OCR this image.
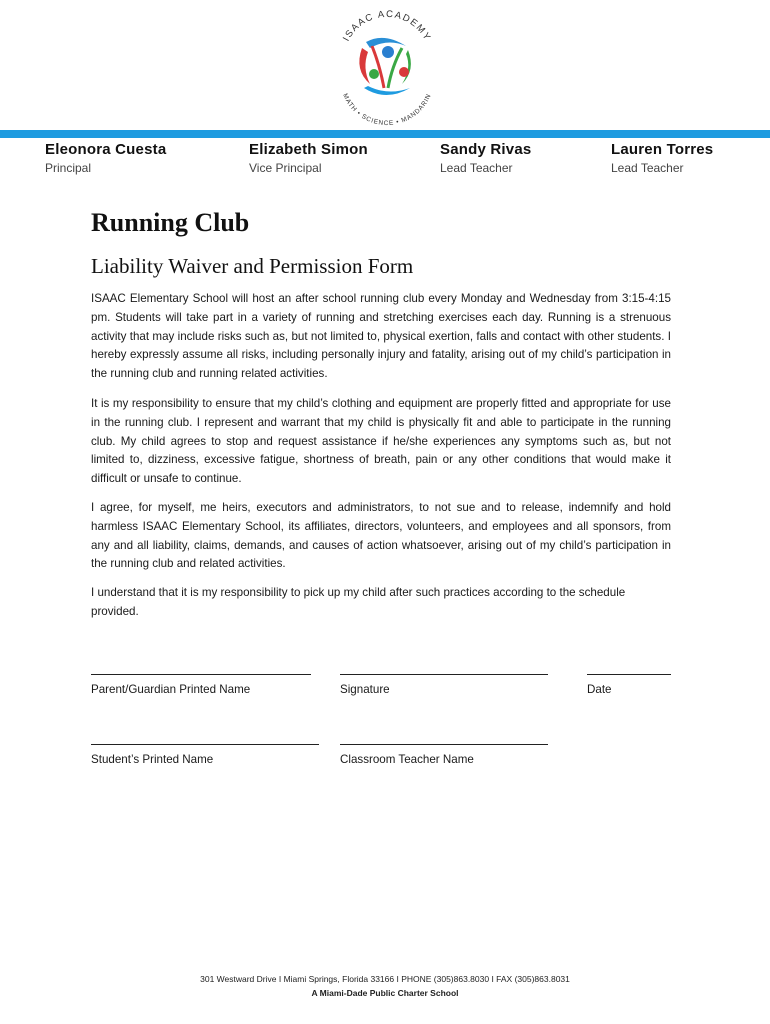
ISAAC ACADEMY
MATH • SCIENCE • MANDARIN
Eleonora Cuesta
Principal
Elizabeth Simon
Vice Principal
Sandy Rivas
Lead Teacher
Lauren Torres
Lead Teacher
Running Club
Liability Waiver and Permission Form
ISAAC Elementary School will host an after school running club every Monday and Wednesday from 3:15-4:15 pm. Students will take part in a variety of running and stretching exercises each day. Running is a strenuous activity that may include risks such as, but not limited to, physical exertion, falls and contact with other students. I hereby expressly assume all risks, including personally injury and fatality, arising out of my child’s participation in the running club and running related activities.
It is my responsibility to ensure that my child’s clothing and equipment are properly fitted and appropriate for use in the running club. I represent and warrant that my child is physically fit and able to participate in the running club. My child agrees to stop and request assistance if he/she experiences any symptoms such as, but not limited to, dizziness, excessive fatigue, shortness of breath, pain or any other conditions that would make it difficult or unsafe to continue.
I agree, for myself, me heirs, executors and administrators, to not sue and to release, indemnify and hold harmless ISAAC Elementary School, its affiliates, directors, volunteers, and employees and all sponsors, from any and all liability, claims, demands, and causes of action whatsoever, arising out of my child’s participation in the running club and related activities.
I understand that it is my responsibility to pick up my child after such practices according to the schedule provided.
Parent/Guardian Printed Name	Signature	Date
Student’s Printed Name	Classroom Teacher Name
301 Westward Drive I Miami Springs, Florida 33166 I PHONE (305)863.8030 I FAX (305)863.8031
A Miami-Dade Public Charter School
